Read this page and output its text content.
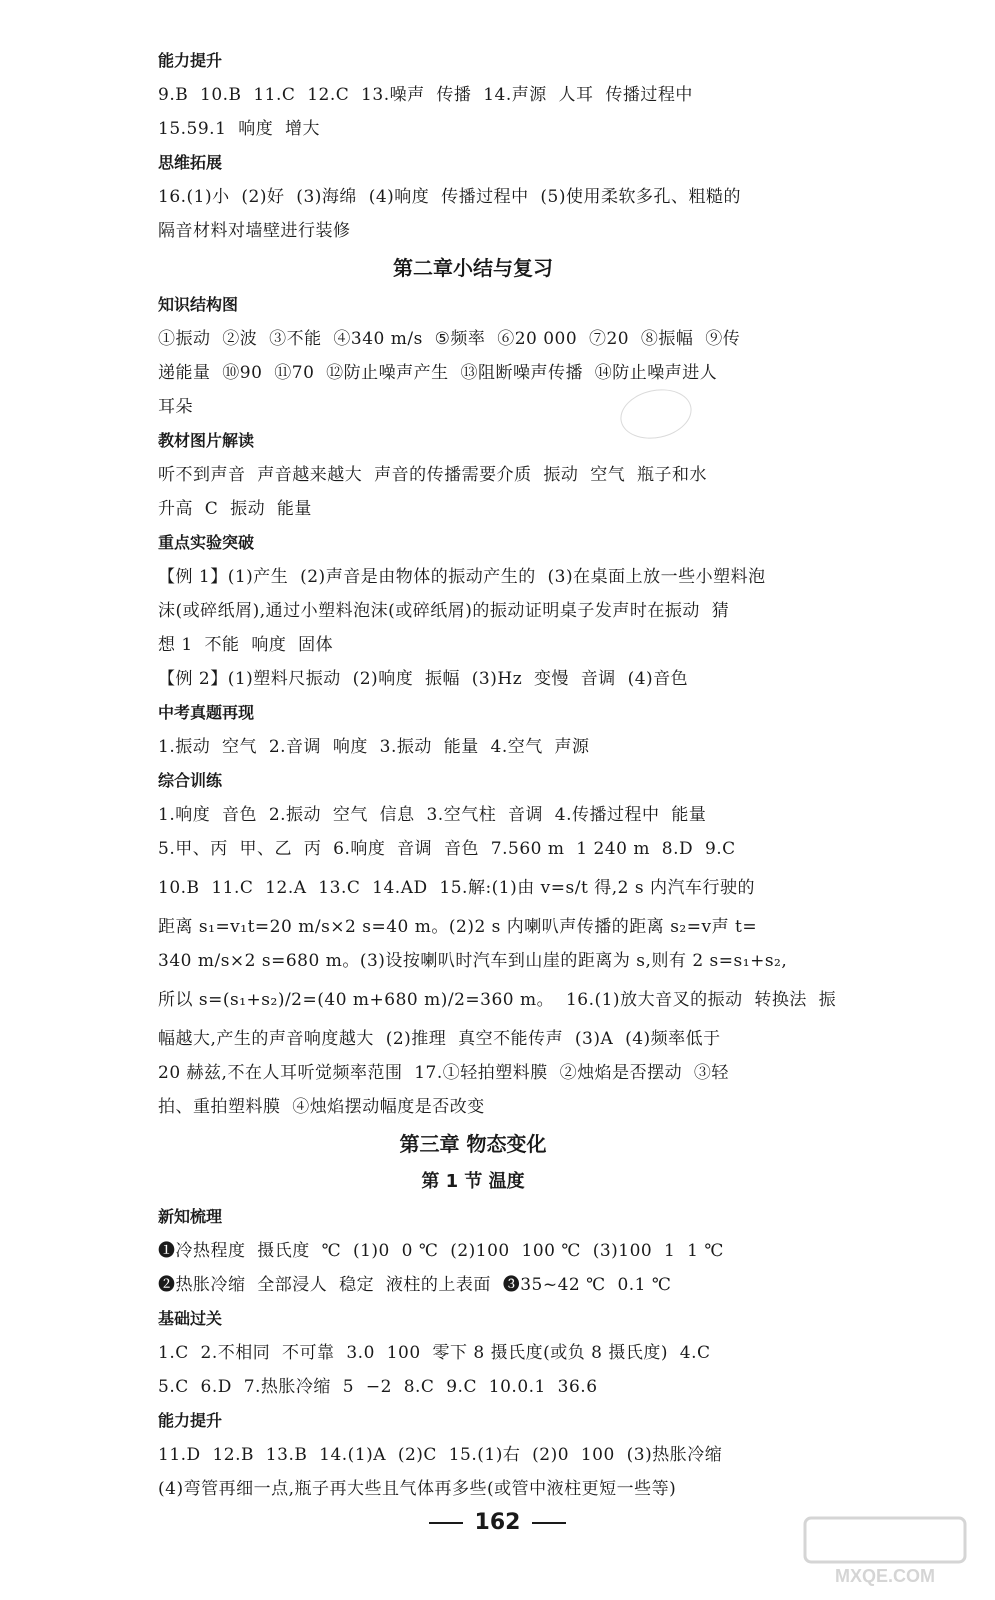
能力提升
9.B  10.B  11.C  12.C  13.噪声  传播  14.声源  人耳  传播过程中
15.59.1  响度  增大
思维拓展
16.(1)小  (2)好  (3)海绵  (4)响度  传播过程中  (5)使用柔软多孔、粗糙的
隔音材料对墙壁进行装修
第二章小结与复习
知识结构图
①振动  ②波  ③不能  ④340 m/s  ⑤频率  ⑥20 000  ⑦20  ⑧振幅  ⑨传
递能量  ⑩90  ⑪70  ⑫防止噪声产生  ⑬阻断噪声传播  ⑭防止噪声进人
耳朵
教材图片解读
听不到声音  声音越来越大  声音的传播需要介质  振动  空气  瓶子和水
升高  C  振动  能量
重点实验突破
【例 1】(1)产生  (2)声音是由物体的振动产生的  (3)在桌面上放一些小塑料泡
沫(或碎纸屑),通过小塑料泡沫(或碎纸屑)的振动证明桌子发声时在振动  猜
想 1  不能  响度  固体
【例 2】(1)塑料尺振动  (2)响度  振幅  (3)Hz  变慢  音调  (4)音色
中考真题再现
1.振动  空气  2.音调  响度  3.振动  能量  4.空气  声源
综合训练
1.响度  音色  2.振动  空气  信息  3.空气柱  音调  4.传播过程中  能量
5.甲、丙  甲、乙  丙  6.响度  音调  音色  7.560 m  1 240 m  8.D  9.C
10.B  11.C  12.A  13.C  14.AD  15.解:(1)由 v=s/t 得,2 s 内汽车行驶的
距离 s₁=v₁t=20 m/s×2 s=40 m。(2)2 s 内喇叭声传播的距离 s₂=v声 t=
340 m/s×2 s=680 m。(3)设按喇叭时汽车到山崖的距离为 s,则有 2 s=s₁+s₂,
所以 s=(s₁+s₂)/2=(40 m+680 m)/2=360 m。  16.(1)放大音叉的振动  转换法  振
幅越大,产生的声音响度越大  (2)推理  真空不能传声  (3)A  (4)频率低于
20 赫兹,不在人耳听觉频率范围  17.①轻拍塑料膜  ②烛焰是否摆动  ③轻
拍、重拍塑料膜  ④烛焰摆动幅度是否改变
第三章 物态变化
第 1 节 温度
新知梳理
❶冷热程度  摄氏度  ℃  (1)0  0 ℃  (2)100  100 ℃  (3)100  1  1 ℃
❷热胀冷缩  全部浸人  稳定  液柱的上表面  ❸35~42 ℃  0.1 ℃
基础过关
1.C  2.不相同  不可靠  3.0  100  零下 8 摄氏度(或负 8 摄氏度)  4.C
5.C  6.D  7.热胀冷缩  5  −2  8.C  9.C  10.0.1  36.6
能力提升
11.D  12.B  13.B  14.(1)A  (2)C  15.(1)右  (2)0  100  (3)热胀冷缩
(4)弯管再细一点,瓶子再大些且气体再多些(或管中液柱更短一些等)
162
MXQE.COM
